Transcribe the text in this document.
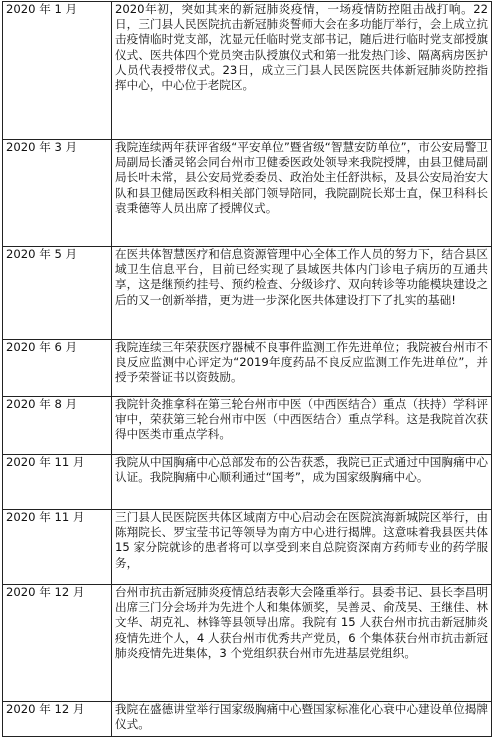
2020 年 1 月	2020年初，突如其来的新冠肺炎疫情，一场疫情防控阻击战打响。22日，三门县人民医院抗击新冠肺炎誓师大会在多功能厅举行，会上成立抗击疫情临时党支部，沈显元任临时党支部书记，随后进行临时党支部授旗仪式、医共体四个党员突击队授旗仪式和第一批发热门诊、隔离病房医护人员代表授带仪式。23日，成立三门县人民医院医共体新冠肺炎防控指挥中心，中心位于老院区。
2020 年 3 月	我院连续两年获评省级“平安单位”暨省级“智慧安防单位”，市公安局警卫局副局长潘灵铭会同台州市卫健委医政处领导来我院授牌，由县卫健局副局长叶未常，县公安局党委委员、政治处主任舒洪标，及县公安局治安大队和县卫健局医政科相关部门领导陪同，我院副院长郑士直，保卫科科长袁秉德等人员出席了授牌仪式。
2020 年 5 月	在医共体智慧医疗和信息资源管理中心全体工作人员的努力下，结合县区域卫生信息平台，目前已经实现了县域医共体内门诊电子病历的互通共享，这是继预约挂号、预约检查、分级诊疗、双向转诊等功能模块建设之后的又一创新举措，更为进一步深化医共体建设打下了扎实的基础!
2020 年 6 月	我院连续三年荣获医疗器械不良事件监测工作先进单位；我院被台州市不良反应监测中心评定为“2019年度药品不良反应监测工作先进单位”，并授予荣誉证书以资鼓励。
2020 年 8 月	我院针灸推拿科在第三轮台州市中医（中西医结合）重点（扶持）学科评审中，荣获第三轮台州市中医（中西医结合）重点学科。这是我院首次获得中医类市重点学科。
2020 年 11 月	我院从中国胸痛中心总部发布的公告获悉，我院已正式通过中国胸痛中心认证。我院胸痛中心顺利通过“国考”，成为国家级胸痛中心。
2020 年 11 月	三门县人民医院医共体区域南方中心启动会在医院滨海新城院区举行，由陈翔院长、罗宝莹书记等领导为南方中心进行揭牌。这意味着我县医共体 15 家分院就诊的患者将可以享受到来自总院资深南方药师专业的药学服务，
2020 年 12 月	台州市抗击新冠肺炎疫情总结表彰大会隆重举行。县委书记、县长李昌明出席三门分会场并为先进个人和集体颁奖，吴善灵、俞茂昊、王继佳、林文华、胡克礼、林锋等县领导出席。我院有 15 人获台州市抗击新冠肺炎疫情先进个人，4 人获台州市优秀共产党员，6 个集体获台州市抗击新冠肺炎疫情先进集体，3 个党组织获台州市先进基层党组织。
2020 年 12 月	我院在盛德讲堂举行国家级胸痛中心暨国家标准化心衰中心建设单位揭牌仪式。
